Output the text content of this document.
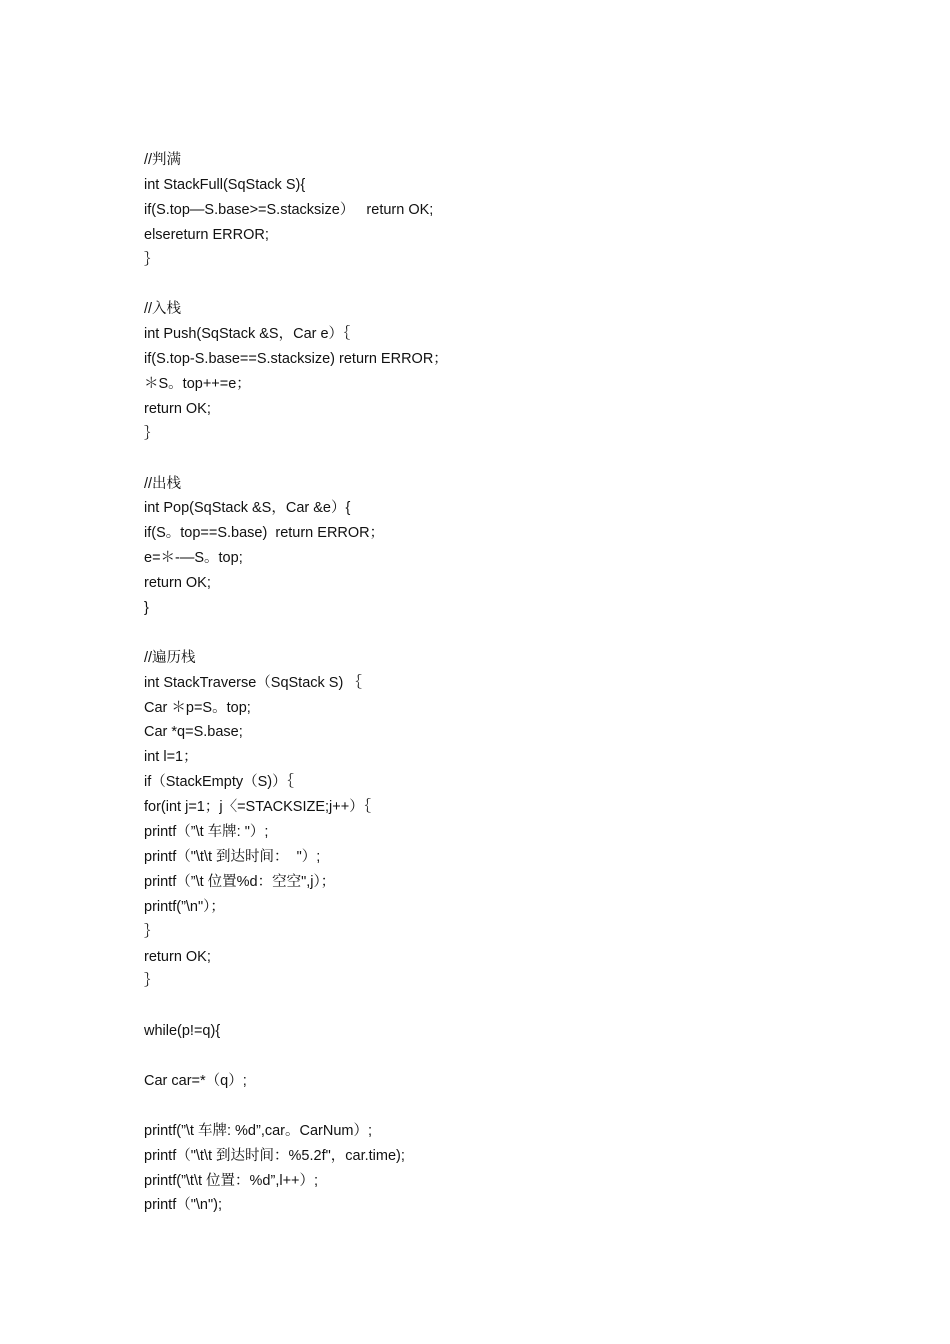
//判满
int StackFull(SqStack S){
if(S.top—S.base>=S.stacksize）   return OK;
elsereturn ERROR;
｝
//入栈
int Push(SqStack &S，Car e）｛
if(S.top-S.base==S.stacksize) return ERROR；
＊S。top++=e；
return OK;
｝
//出栈
int Pop(SqStack &S，Car &e）{
if(S。top==S.base)  return ERROR；
e=＊-—S。top;
return OK;
}
//遍历栈
int StackTraverse（SqStack S) ｛
Car ＊p=S。top;
Car *q=S.base;
int l=1；
if（StackEmpty（S)）｛
for(int j=1；j〈=STACKSIZE;j++）｛
printf（”\t 车牌: "）;
printf（"\t\t 到达时间：  "）;
printf（”\t 位置%d：空空",j）；
printf(”\n"）；
｝
return OK;
｝
while(p!=q){
Car car=*（q）;
printf(”\t 车牌: %d”,car。CarNum）;
printf（"\t\t 到达时间：%5.2f"，car.time);
printf(”\t\t 位置：%d”,l++）;
printf（"\n");
